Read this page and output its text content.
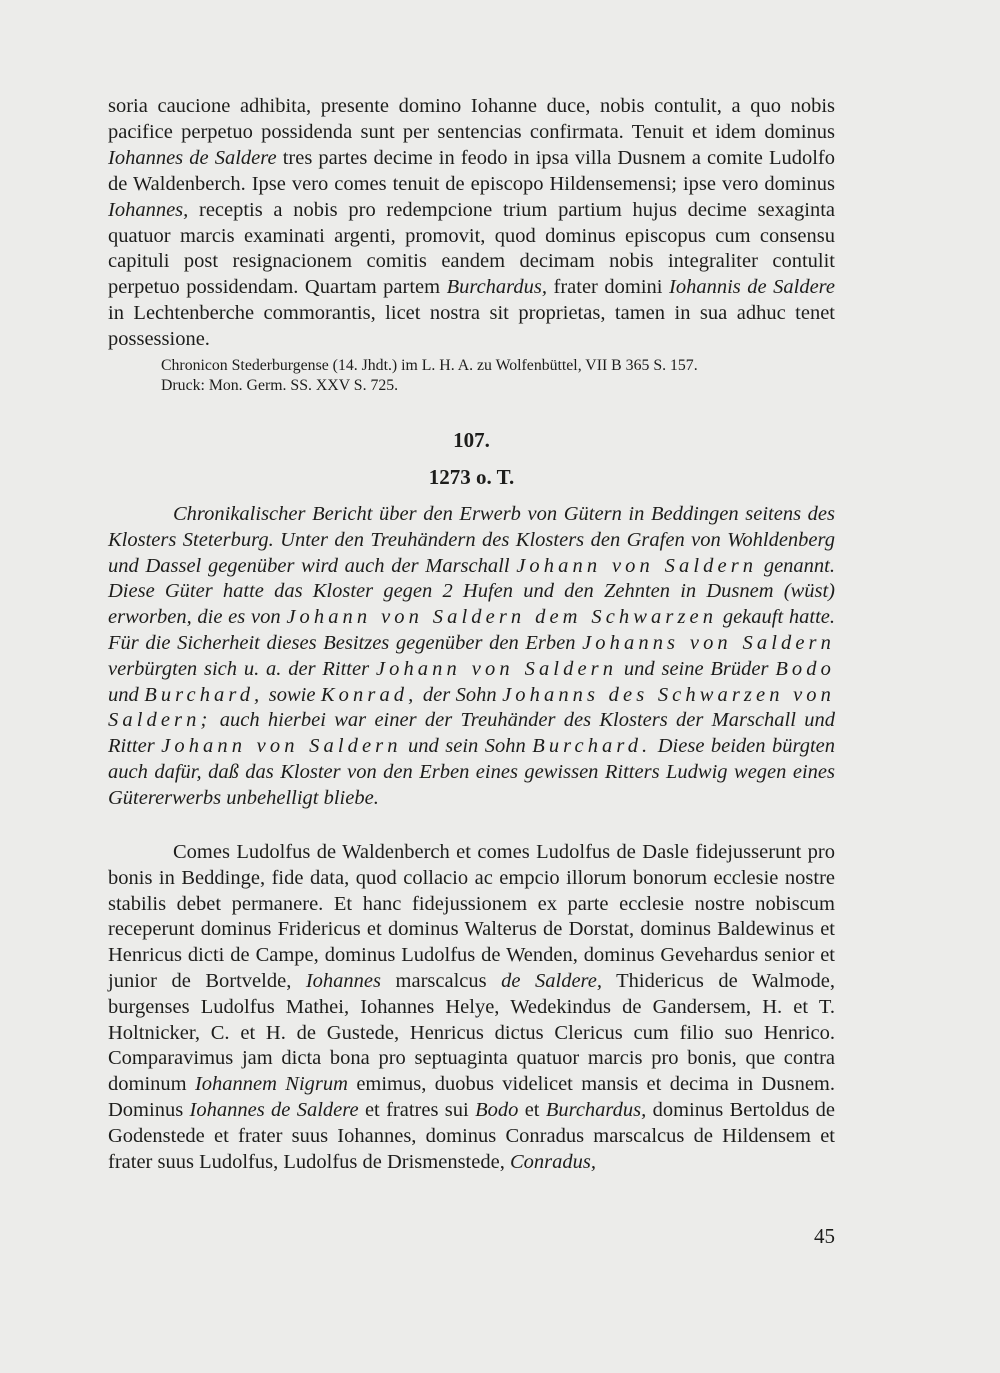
soria caucione adhibita, presente domino Iohanne duce, nobis contulit, a quo nobis pacifice perpetuo possidenda sunt per sentencias confirmata. Tenuit et idem dominus Iohannes de Saldere tres partes decime in feodo in ipsa villa Dusnem a comite Ludolfo de Waldenberch. Ipse vero comes tenuit de episcopo Hildensemensi; ipse vero dominus Iohannes, receptis a nobis pro redempcione trium partium hujus decime sexaginta quatuor marcis examinati argenti, promovit, quod dominus episcopus cum consensu capituli post resignacionem comitis eandem decimam nobis integraliter contulit perpetuo possidendam. Quartam partem Burchardus, frater domini Iohannis de Saldere in Lechtenberche commorantis, licet nostra sit proprietas, tamen in sua adhuc tenet possessione.

Chronicon Stederburgense (14. Jhdt.) im L. H. A. zu Wolfenbüttel, VII B 365 S. 157.
Druck: Mon. Germ. SS. XXV S. 725.
107.
1273 o. T.

Chronikalischer Bericht über den Erwerb von Gütern in Beddingen seitens des Klosters Steterburg. Unter den Treuhändern des Klosters den Grafen von Wohldenberg und Dassel gegenüber wird auch der Marschall Johann von Saldern genannt. Diese Güter hatte das Kloster gegen 2 Hufen und den Zehnten in Dusnem (wüst) erworben, die es von Johann von Saldern dem Schwarzen gekauft hatte. Für die Sicherheit dieses Besitzes gegenüber den Erben Johanns von Saldern verbürgten sich u. a. der Ritter Johann von Saldern und seine Brüder Bodo und Burchard, sowie Konrad, der Sohn Johanns des Schwarzen von Saldern; auch hierbei war einer der Treuhänder des Klosters der Marschall und Ritter Johann von Saldern und sein Sohn Burchard. Diese beiden bürgten auch dafür, daß das Kloster von den Erben eines gewissen Ritters Ludwig wegen eines Gütererwerbs unbehelligt bliebe.

Comes Ludolfus de Waldenberch et comes Ludolfus de Dasle fidejusserunt pro bonis in Beddinge, fide data, quod collacio ac empcio illorum bonorum ecclesie nostre stabilis debet permanere. Et hanc fidejussionem ex parte ecclesie nostre nobiscum receperunt dominus Fridericus et dominus Walterus de Dorstat, dominus Baldewinus et Henricus dicti de Campe, dominus Ludolfus de Wenden, dominus Gevehardus senior et junior de Bortvelde, Iohannes marscalcus de Saldere, Thidericus de Walmode, burgenses Ludolfus Mathei, Iohannes Helye, Wedekindus de Gandersem, H. et T. Holtnicker, C. et H. de Gustede, Henricus dictus Clericus cum filio suo Henrico. Comparavimus jam dicta bona pro septuaginta quatuor marcis pro bonis, que contra dominum Iohannem Nigrum emimus, duobus videlicet mansis et decima in Dusnem. Dominus Iohannes de Saldere et fratres sui Bodo et Burchardus, dominus Bertoldus de Godenstede et frater suus Iohannes, dominus Conradus marscalcus de Hildensem et frater suus Ludolfus, Ludolfus de Drismenstede, Conradus,

45
